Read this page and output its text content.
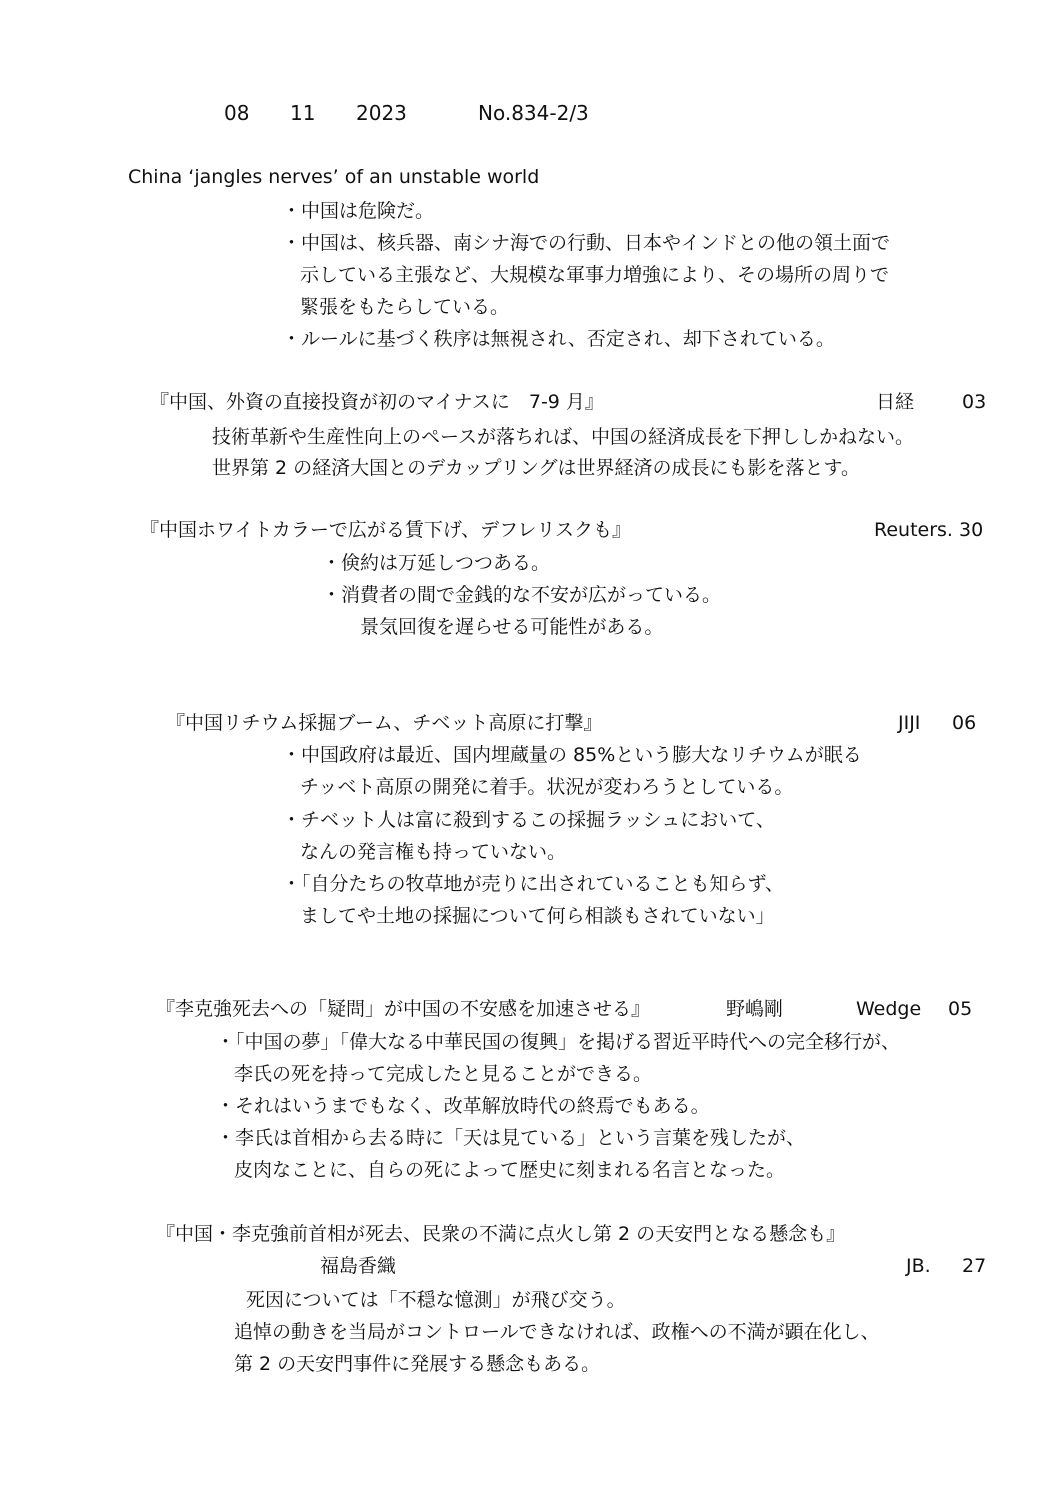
08 11 2023	No.834-2/3
China ‘jangles nerves’ of an unstable world
・中国は危険だ。
・中国は、核兵器、南シナ海での行動、日本やインドとの他の領土面で
示している主張など、大規模な軍事力増強により、その場所の周りで
緊張をもたらしている。
・ルールに基づく秩序は無視され、否定され、却下されている。
『中国、外資の直接投資が初のマイナスに　7-9 月』	日経	03
技術革新や生産性向上のペースが落ちれば、中国の経済成長を下押ししかねない。
世界第 2 の経済大国とのデカップリングは世界経済の成長にも影を落とす。
『中国ホワイトカラーで広がる賃下げ、デフレリスクも』	Reuters. 30
・倹約は万延しつつある。
・消費者の間で金銭的な不安が広がっている。
景気回復を遅らせる可能性がある。
『中国リチウム採掘ブーム、チベット高原に打撃』	JIJI 06
・中国政府は最近、国内埋蔵量の 85%という膨大なリチウムが眠る
チッベト高原の開発に着手。状況が変わろうとしている。
・チベット人は富に殺到するこの採掘ラッシュにおいて、
なんの発言権も持っていない。
・「自分たちの牧草地が売りに出されていることも知らず、
ましてや土地の採掘について何ら相談もされていない」
『李克強死去への「疑問」が中国の不安感を加速させる』	野嶋剛	Wedge 05
・「中国の夢」「偉大なる中華民国の復興」を掲げる習近平時代への完全移行が、
李氏の死を持って完成したと見ることができる。
・それはいうまでもなく、改革解放時代の終焉でもある。
・李氏は首相から去る時に「天は見ている」という言葉を残したが、
皮肉なことに、自らの死によって歴史に刻まれる名言となった。
『中国・李克強前首相が死去、民衆の不満に点火し第 2 の天安門となる懸念も』
福島香織	JB. 27
死因については「不穏な憶測」が飛び交う。
追悼の動きを当局がコントロールできなければ、政権への不満が顕在化し、
第 2 の天安門事件に発展する懸念もある。
